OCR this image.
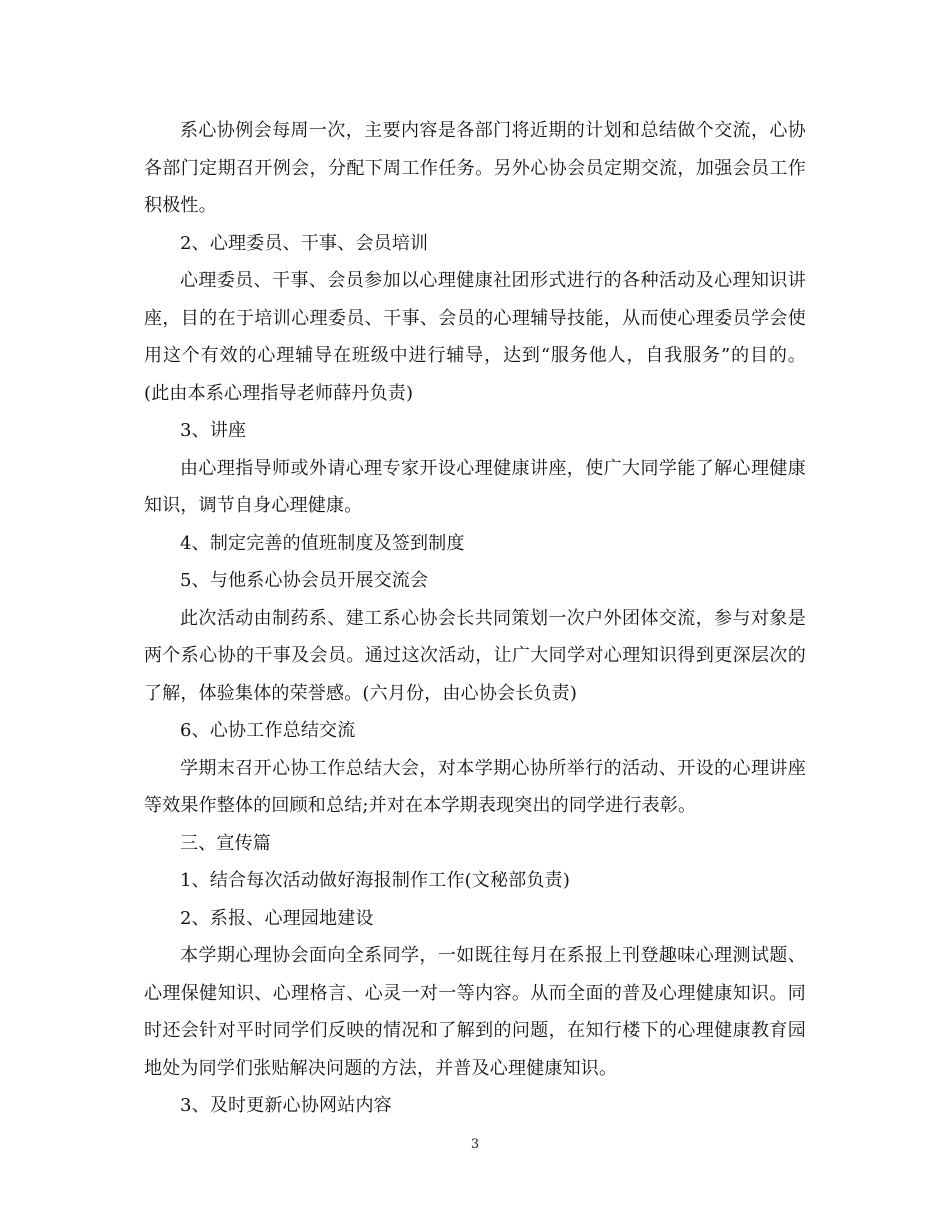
系心协例会每周一次，主要内容是各部门将近期的计划和总结做个交流，心协各部门定期召开例会，分配下周工作任务。另外心协会员定期交流，加强会员工作积极性。

2、心理委员、干事、会员培训

心理委员、干事、会员参加以心理健康社团形式进行的各种活动及心理知识讲座，目的在于培训心理委员、干事、会员的心理辅导技能，从而使心理委员学会使用这个有效的心理辅导在班级中进行辅导，达到“服务他人，自我服务”的目的。(此由本系心理指导老师薛丹负责)

3、讲座

由心理指导师或外请心理专家开设心理健康讲座，使广大同学能了解心理健康知识，调节自身心理健康。

4、制定完善的值班制度及签到制度

5、与他系心协会员开展交流会

此次活动由制药系、建工系心协会长共同策划一次户外团体交流，参与对象是两个系心协的干事及会员。通过这次活动，让广大同学对心理知识得到更深层次的了解，体验集体的荣誉感。(六月份，由心协会长负责)

6、心协工作总结交流

学期末召开心协工作总结大会，对本学期心协所举行的活动、开设的心理讲座等效果作整体的回顾和总结;并对在本学期表现突出的同学进行表彰。

三、宣传篇

1、结合每次活动做好海报制作工作(文秘部负责)

2、系报、心理园地建设

本学期心理协会面向全系同学，一如既往每月在系报上刊登趣味心理测试题、心理保健知识、心理格言、心灵一对一等内容。从而全面的普及心理健康知识。同时还会针对平时同学们反映的情况和了解到的问题，在知行楼下的心理健康教育园地处为同学们张贴解决问题的方法，并普及心理健康知识。

3、及时更新心协网站内容

3
